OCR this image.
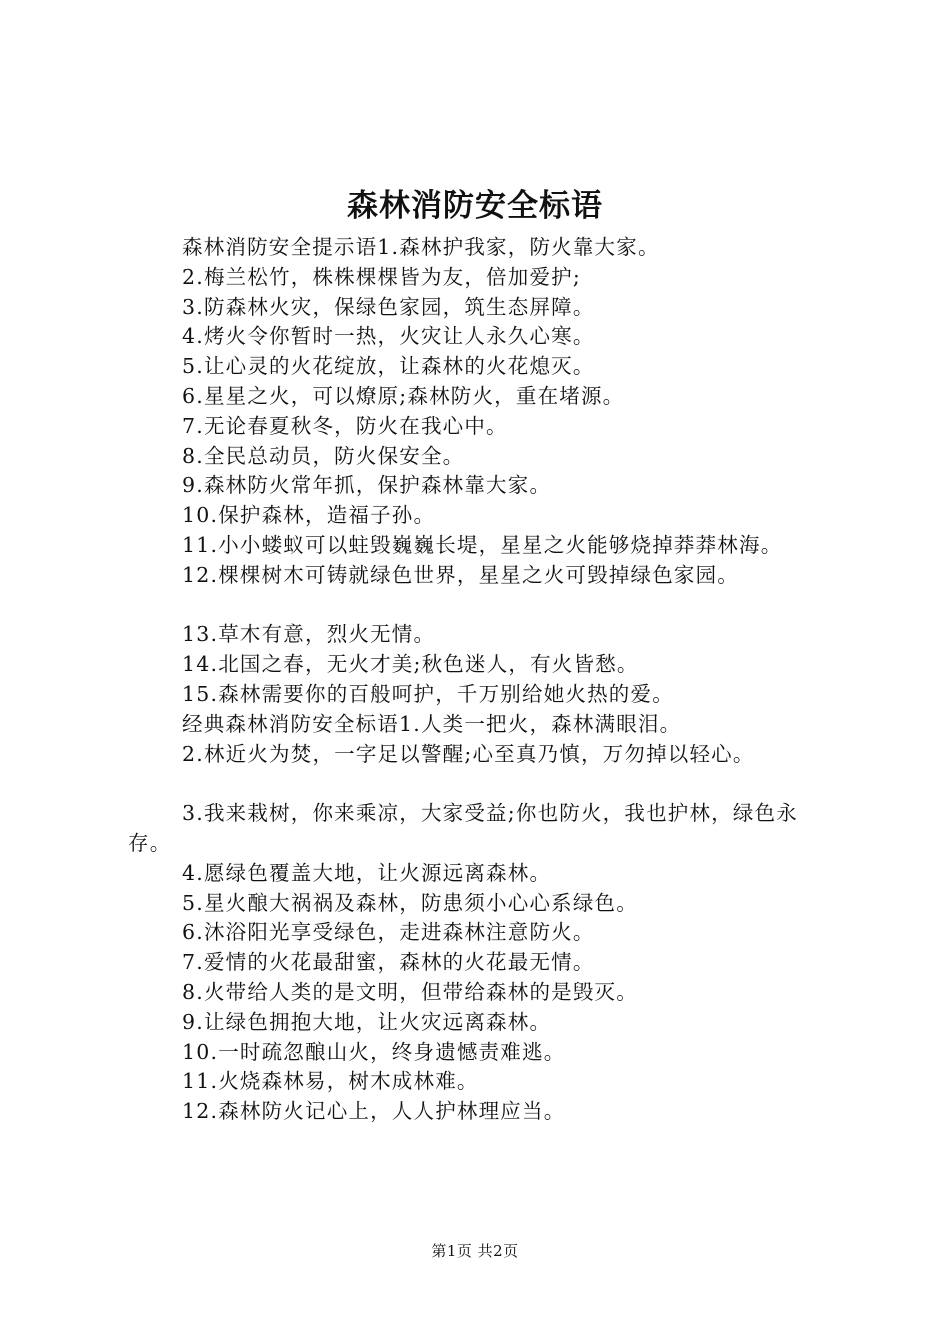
森林消防安全标语

森林消防安全提示语1.森林护我家，防火靠大家。

2.梅兰松竹，株株棵棵皆为友，倍加爱护;

3.防森林火灾，保绿色家园，筑生态屏障。

4.烤火令你暂时一热，火灾让人永久心寒。

5.让心灵的火花绽放，让森林的火花熄灭。

6.星星之火，可以燎原;森林防火，重在堵源。

7.无论春夏秋冬，防火在我心中。

8.全民总动员，防火保安全。

9.森林防火常年抓，保护森林靠大家。

10.保护森林，造福子孙。

11.小小蝼蚁可以蛀毁巍巍长堤，星星之火能够烧掉莽莽林海。

12.棵棵树木可铸就绿色世界，星星之火可毁掉绿色家园。

13.草木有意，烈火无情。

14.北国之春，无火才美;秋色迷人，有火皆愁。

15.森林需要你的百般呵护，千万别给她火热的爱。

经典森林消防安全标语1.人类一把火，森林满眼泪。

2.林近火为焚，一字足以警醒;心至真乃慎，万勿掉以轻心。

3.我来栽树，你来乘凉，大家受益;你也防火，我也护林，绿色永存。

4.愿绿色覆盖大地，让火源远离森林。

5.星火酿大祸祸及森林，防患须小心心系绿色。

6.沐浴阳光享受绿色，走进森林注意防火。

7.爱情的火花最甜蜜，森林的火花最无情。

8.火带给人类的是文明，但带给森林的是毁灭。

9.让绿色拥抱大地，让火灾远离森林。

10.一时疏忽酿山火，终身遗憾责难逃。

11.火烧森林易，树木成林难。

12.森林防火记心上，人人护林理应当。

第1页 共2页
